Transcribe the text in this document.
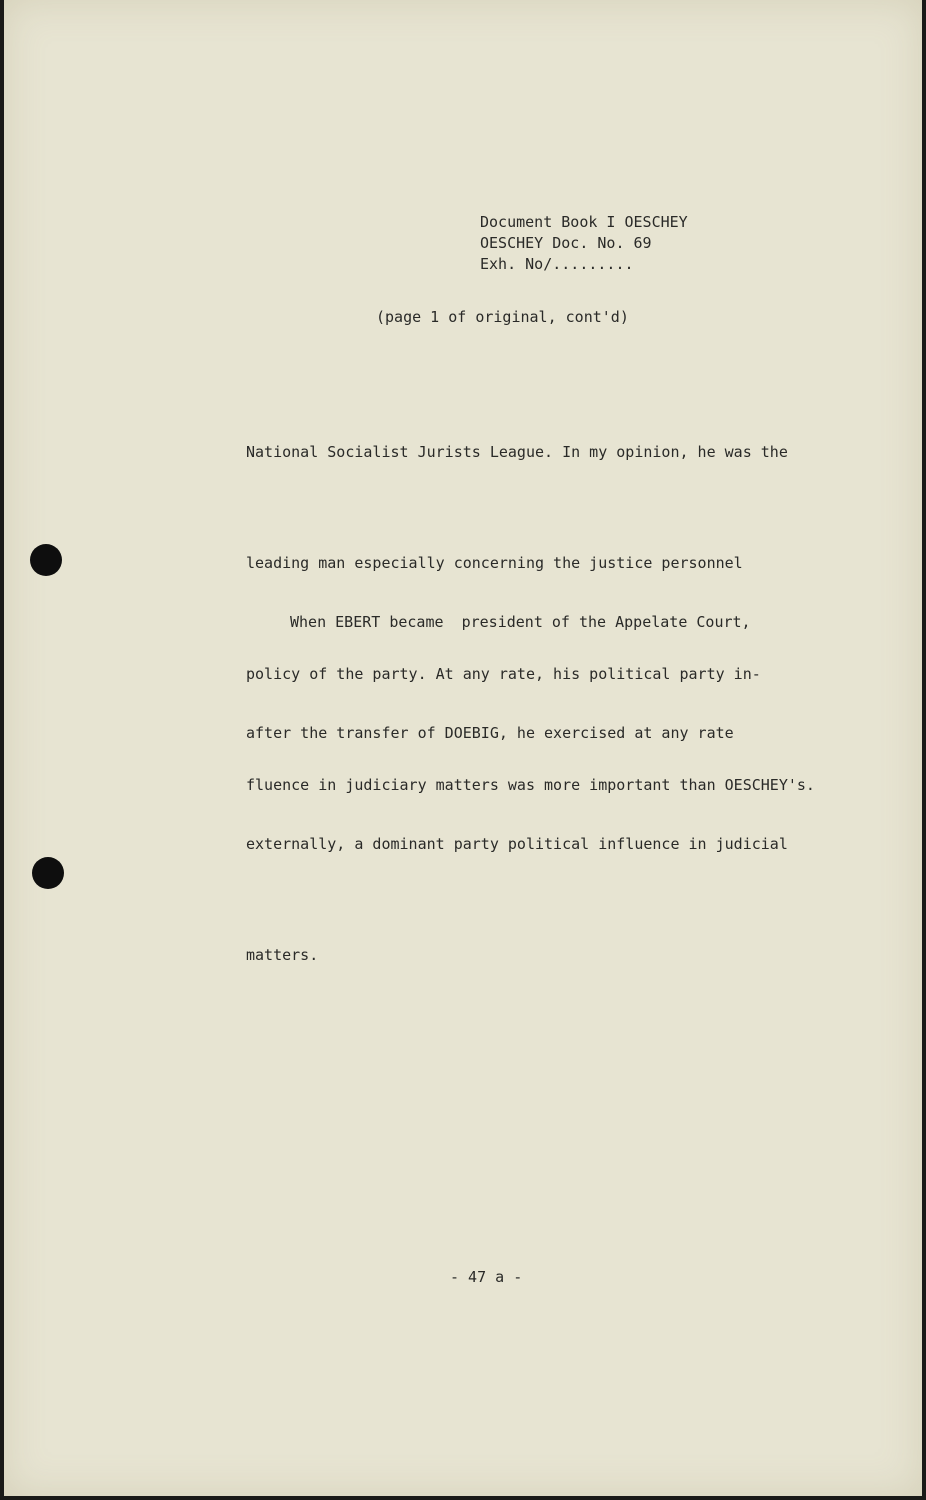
Document Book I OESCHEY
OESCHEY Doc. No. 69
Exh. No/.........
(page 1 of original, cont'd)

National Socialist Jurists League. In my opinion, he was the

leading man especially concerning the justice personnel

policy of the party. At any rate, his political party in-

fluence in judiciary matters was more important than OESCHEY's.

When EBERT became  president of the Appelate Court,

after the transfer of DOEBIG, he exercised at any rate

externally, a dominant party political influence in judicial

matters.

- 47 a -
